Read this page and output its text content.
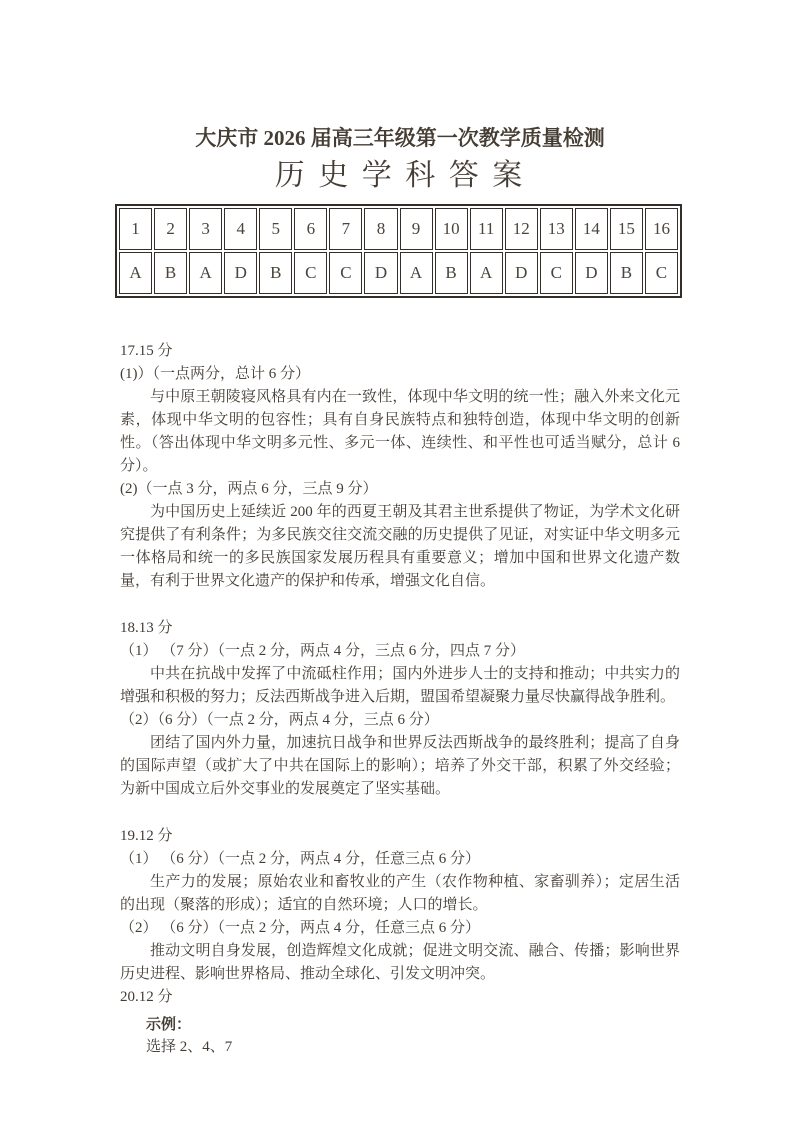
大庆市 2026 届高三年级第一次教学质量检测
历 史 学 科 答 案
1	2	3	4	5	6	7	8	9	10	11	12	13	14	15	16
A	B	A	D	B	C	C	D	A	B	A	D	C	D	B	C
17.15 分
(1)）（一点两分，总计 6 分）
与中原王朝陵寝风格具有内在一致性，体现中华文明的统一性；融入外来文化元素，体现中华文明的包容性；具有自身民族特点和独特创造，体现中华文明的创新性。（答出体现中华文明多元性、多元一体、连续性、和平性也可适当赋分，总计 6 分）。
(2)（一点 3 分，两点 6 分，三点 9 分）
为中国历史上延续近 200 年的西夏王朝及其君主世系提供了物证，为学术文化研究提供了有利条件；为多民族交往交流交融的历史提供了见证，对实证中华文明多元一体格局和统一的多民族国家发展历程具有重要意义；增加中国和世界文化遗产数量，有利于世界文化遗产的保护和传承，增强文化自信。
18.13 分
（1） （7 分）（一点 2 分，两点 4 分，三点 6 分，四点 7 分）
中共在抗战中发挥了中流砥柱作用；国内外进步人士的支持和推动；中共实力的增强和积极的努力；反法西斯战争进入后期，盟国希望凝聚力量尽快赢得战争胜利。
（2）（6 分）（一点 2 分，两点 4 分，三点 6 分）
团结了国内外力量，加速抗日战争和世界反法西斯战争的最终胜利；提高了自身的国际声望（或扩大了中共在国际上的影响）；培养了外交干部，积累了外交经验；为新中国成立后外交事业的发展奠定了坚实基础。
19.12 分
（1） （6 分）（一点 2 分，两点 4 分，任意三点 6 分）
生产力的发展；原始农业和畜牧业的产生（农作物种植、家畜驯养）；定居生活的出现（聚落的形成）；适宜的自然环境；人口的增长。
（2） （6 分）（一点 2 分，两点 4 分，任意三点 6 分）
推动文明自身发展，创造辉煌文化成就；促进文明交流、融合、传播；影响世界历史进程、影响世界格局、推动全球化、引发文明冲突。
20.12 分
示例：
选择 2、4、7
